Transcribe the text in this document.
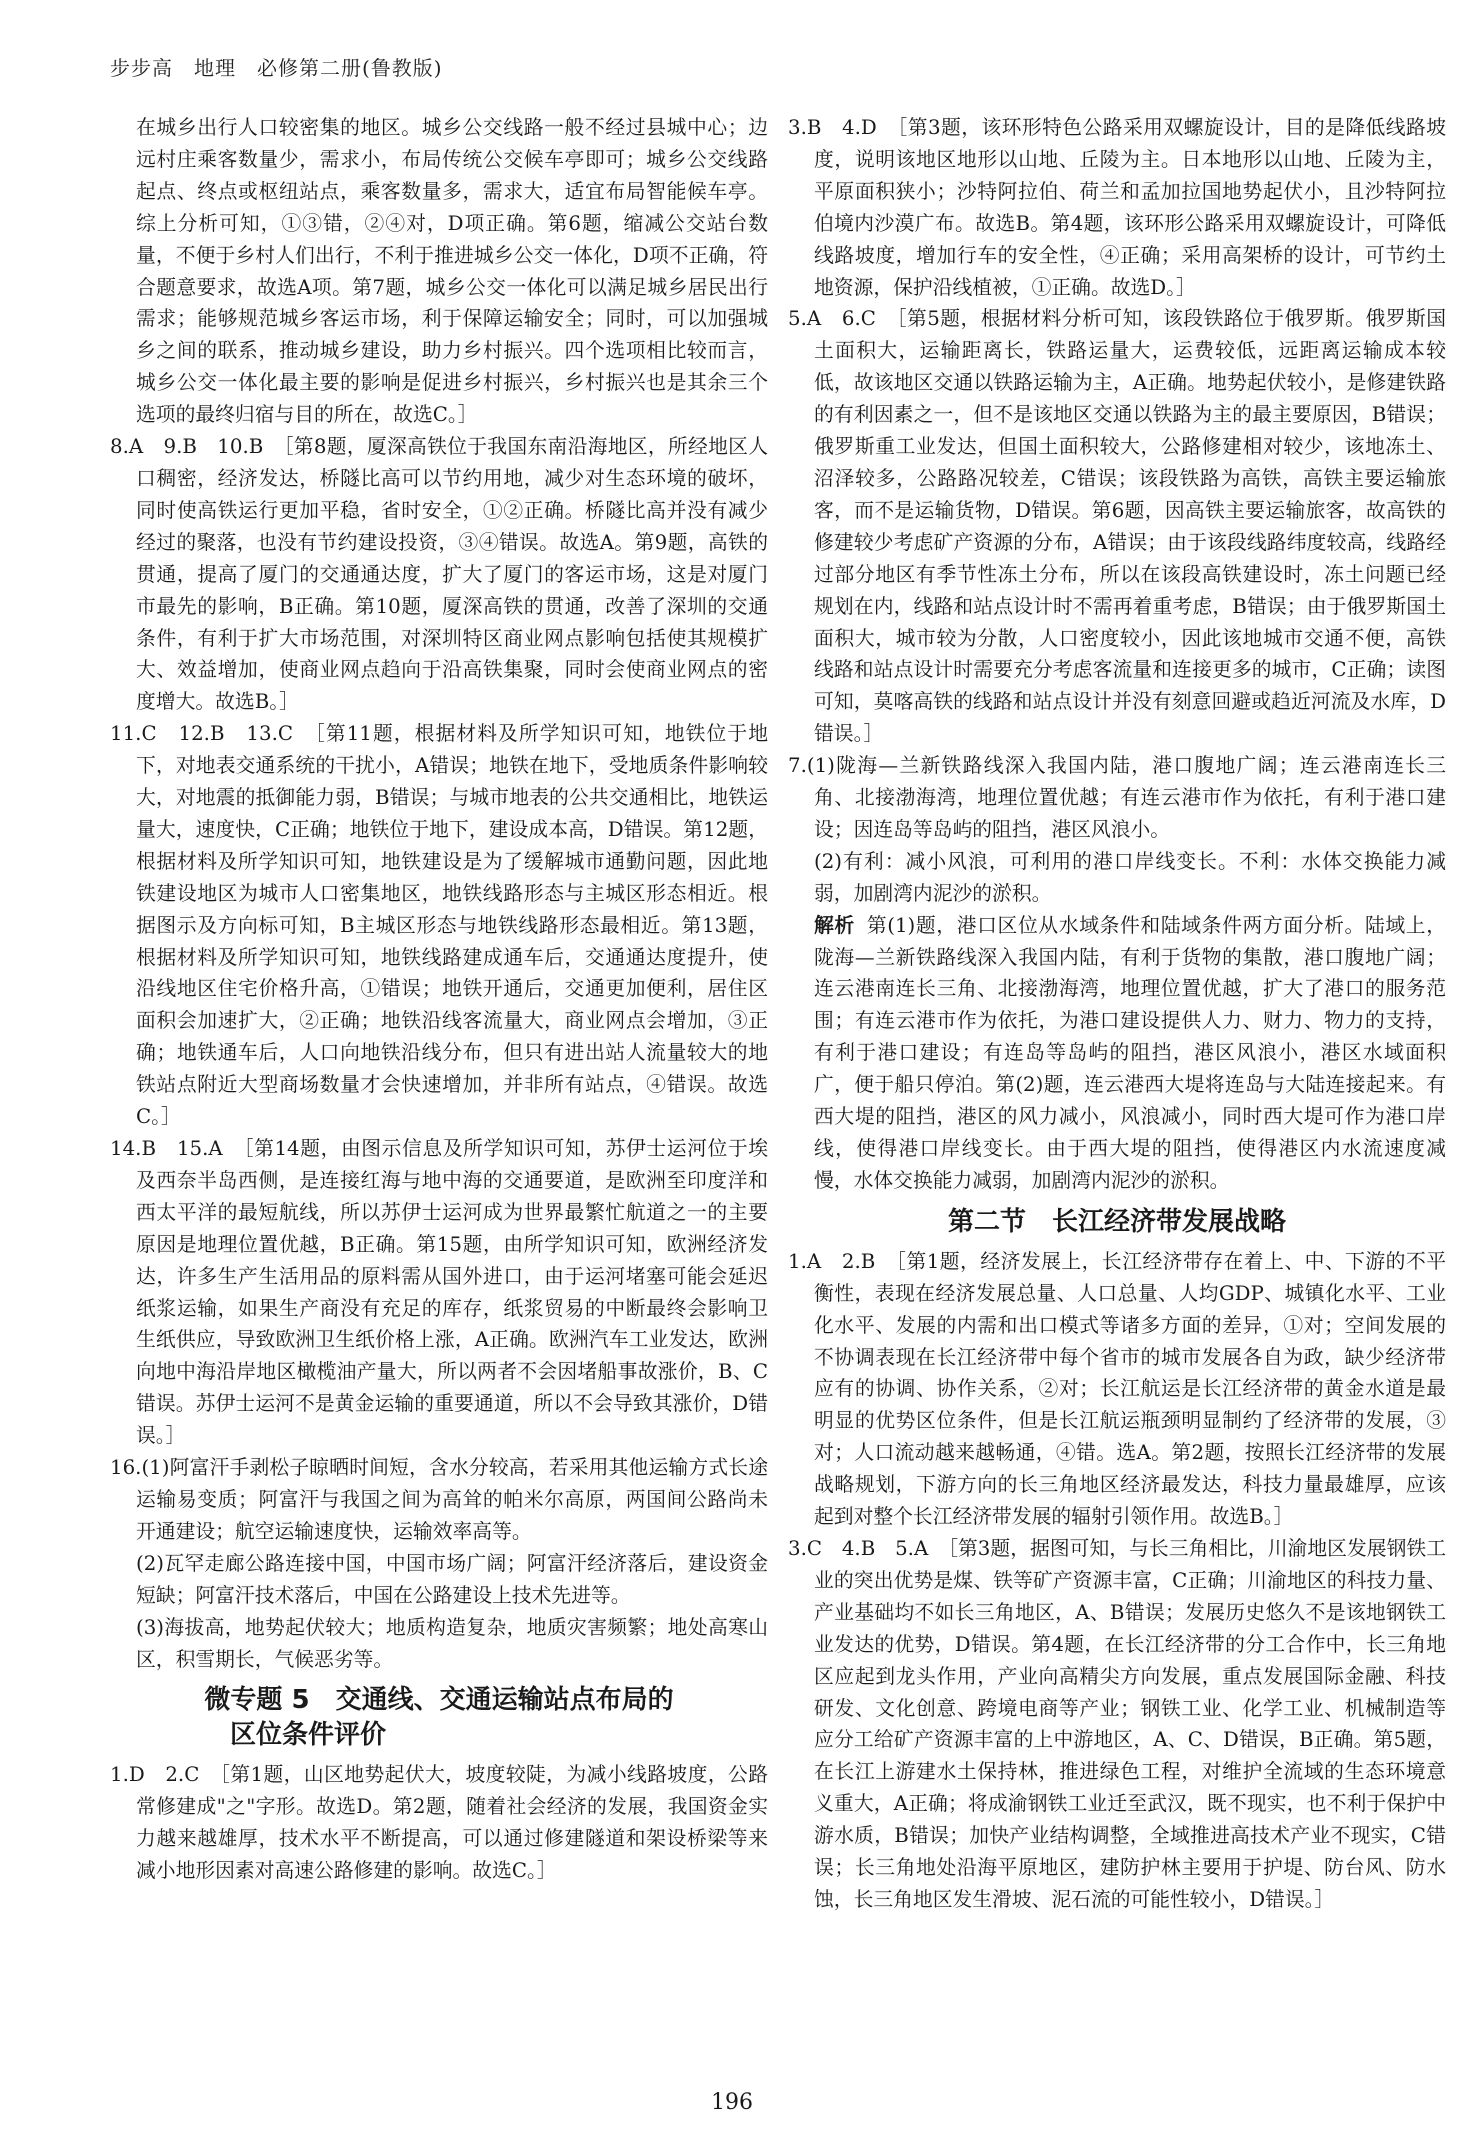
步步高　地理　必修第二册(鲁教版)

在城乡出行人口较密集的地区。城乡公交线路一般不经过县城中心；边远村庄乘客数量少，需求小，布局传统公交候车亭即可；城乡公交线路起点、终点或枢纽站点，乘客数量多，需求大，适宜布局智能候车亭。综上分析可知，①③错，②④对，D项正确。第6题，缩减公交站台数量，不便于乡村人们出行，不利于推进城乡公交一体化，D项不正确，符合题意要求，故选A项。第7题，城乡公交一体化可以满足城乡居民出行需求；能够规范城乡客运市场，利于保障运输安全；同时，可以加强城乡之间的联系，推动城乡建设，助力乡村振兴。四个选项相比较而言，城乡公交一体化最主要的影响是促进乡村振兴，乡村振兴也是其余三个选项的最终归宿与目的所在，故选C。］

8.A　9.B　10.B　［第8题，厦深高铁位于我国东南沿海地区，所经地区人口稠密，经济发达，桥隧比高可以节约用地，减少对生态环境的破坏，同时使高铁运行更加平稳，省时安全，①②正确。桥隧比高并没有减少经过的聚落，也没有节约建设投资，③④错误。故选A。第9题，高铁的贯通，提高了厦门的交通通达度，扩大了厦门的客运市场，这是对厦门市最先的影响，B正确。第10题，厦深高铁的贯通，改善了深圳的交通条件，有利于扩大市场范围，对深圳特区商业网点影响包括使其规模扩大、效益增加，使商业网点趋向于沿高铁集聚，同时会使商业网点的密度增大。故选B。］

11.C　12.B　13.C　［第11题，根据材料及所学知识可知，地铁位于地下，对地表交通系统的干扰小，A错误；地铁在地下，受地质条件影响较大，对地震的抵御能力弱，B错误；与城市地表的公共交通相比，地铁运量大，速度快，C正确；地铁位于地下，建设成本高，D错误。第12题，根据材料及所学知识可知，地铁建设是为了缓解城市通勤问题，因此地铁建设地区为城市人口密集地区，地铁线路形态与主城区形态相近。根据图示及方向标可知，B主城区形态与地铁线路形态最相近。第13题，根据材料及所学知识可知，地铁线路建成通车后，交通通达度提升，使沿线地区住宅价格升高，①错误；地铁开通后，交通更加便利，居住区面积会加速扩大，②正确；地铁沿线客流量大，商业网点会增加，③正确；地铁通车后，人口向地铁沿线分布，但只有进出站人流量较大的地铁站点附近大型商场数量才会快速增加，并非所有站点，④错误。故选C。］

14.B　15.A　［第14题，由图示信息及所学知识可知，苏伊士运河位于埃及西奈半岛西侧，是连接红海与地中海的交通要道，是欧洲至印度洋和西太平洋的最短航线，所以苏伊士运河成为世界最繁忙航道之一的主要原因是地理位置优越，B正确。第15题，由所学知识可知，欧洲经济发达，许多生产生活用品的原料需从国外进口，由于运河堵塞可能会延迟纸浆运输，如果生产商没有充足的库存，纸浆贸易的中断最终会影响卫生纸供应，导致欧洲卫生纸价格上涨，A正确。欧洲汽车工业发达，欧洲向地中海沿岸地区橄榄油产量大，所以两者不会因堵船事故涨价，B、C错误。苏伊士运河不是黄金运输的重要通道，所以不会导致其涨价，D错误。］

16.(1)阿富汗手剥松子晾晒时间短，含水分较高，若采用其他运输方式长途运输易变质；阿富汗与我国之间为高耸的帕米尔高原，两国间公路尚未开通建设；航空运输速度快，运输效率高等。

(2)瓦罕走廊公路连接中国，中国市场广阔；阿富汗经济落后，建设资金短缺；阿富汗技术落后，中国在公路建设上技术先进等。

(3)海拔高，地势起伏较大；地质构造复杂，地质灾害频繁；地处高寒山区，积雪期长，气候恶劣等。

微专题 5　交通线、交通运输站点布局的
区位条件评价

1.D　2.C　［第1题，山区地势起伏大，坡度较陡，为减小线路坡度，公路常修建成"之"字形。故选D。第2题，随着社会经济的发展，我国资金实力越来越雄厚，技术水平不断提高，可以通过修建隧道和架设桥梁等来减小地形因素对高速公路修建的影响。故选C。］

3.B　4.D　［第3题，该环形特色公路采用双螺旋设计，目的是降低线路坡度，说明该地区地形以山地、丘陵为主。日本地形以山地、丘陵为主，平原面积狭小；沙特阿拉伯、荷兰和孟加拉国地势起伏小，且沙特阿拉伯境内沙漠广布。故选B。第4题，该环形公路采用双螺旋设计，可降低线路坡度，增加行车的安全性，④正确；采用高架桥的设计，可节约土地资源，保护沿线植被，①正确。故选D。］

5.A　6.C　［第5题，根据材料分析可知，该段铁路位于俄罗斯。俄罗斯国土面积大，运输距离长，铁路运量大，运费较低，远距离运输成本较低，故该地区交通以铁路运输为主，A正确。地势起伏较小，是修建铁路的有利因素之一，但不是该地区交通以铁路为主的最主要原因，B错误；俄罗斯重工业发达，但国土面积较大，公路修建相对较少，该地冻土、沼泽较多，公路路况较差，C错误；该段铁路为高铁，高铁主要运输旅客，而不是运输货物，D错误。第6题，因高铁主要运输旅客，故高铁的修建较少考虑矿产资源的分布，A错误；由于该段线路纬度较高，线路经过部分地区有季节性冻土分布，所以在该段高铁建设时，冻土问题已经规划在内，线路和站点设计时不需再着重考虑，B错误；由于俄罗斯国土面积大，城市较为分散，人口密度较小，因此该地城市交通不便，高铁线路和站点设计时需要充分考虑客流量和连接更多的城市，C正确；读图可知，莫喀高铁的线路和站点设计并没有刻意回避或趋近河流及水库，D错误。］

7.(1)陇海—兰新铁路线深入我国内陆，港口腹地广阔；连云港南连长三角、北接渤海湾，地理位置优越；有连云港市作为依托，有利于港口建设；因连岛等岛屿的阻挡，港区风浪小。

(2)有利：减小风浪，可利用的港口岸线变长。不利：水体交换能力减弱，加剧湾内泥沙的淤积。

解析 第(1)题，港口区位从水域条件和陆域条件两方面分析。陆域上，陇海—兰新铁路线深入我国内陆，有利于货物的集散，港口腹地广阔；连云港南连长三角、北接渤海湾，地理位置优越，扩大了港口的服务范围；有连云港市作为依托，为港口建设提供人力、财力、物力的支持，有利于港口建设；有连岛等岛屿的阻挡，港区风浪小，港区水域面积广，便于船只停泊。第(2)题，连云港西大堤将连岛与大陆连接起来。有西大堤的阻挡，港区的风力减小，风浪减小，同时西大堤可作为港口岸线，使得港口岸线变长。由于西大堤的阻挡，使得港区内水流速度减慢，水体交换能力减弱，加剧湾内泥沙的淤积。

第二节　长江经济带发展战略

1.A　2.B　［第1题，经济发展上，长江经济带存在着上、中、下游的不平衡性，表现在经济发展总量、人口总量、人均GDP、城镇化水平、工业化水平、发展的内需和出口模式等诸多方面的差异，①对；空间发展的不协调表现在长江经济带中每个省市的城市发展各自为政，缺少经济带应有的协调、协作关系，②对；长江航运是长江经济带的黄金水道是最明显的优势区位条件，但是长江航运瓶颈明显制约了经济带的发展，③对；人口流动越来越畅通，④错。选A。第2题，按照长江经济带的发展战略规划，下游方向的长三角地区经济最发达，科技力量最雄厚，应该起到对整个长江经济带发展的辐射引领作用。故选B。］

3.C　4.B　5.A　［第3题，据图可知，与长三角相比，川渝地区发展钢铁工业的突出优势是煤、铁等矿产资源丰富，C正确；川渝地区的科技力量、产业基础均不如长三角地区，A、B错误；发展历史悠久不是该地钢铁工业发达的优势，D错误。第4题，在长江经济带的分工合作中，长三角地区应起到龙头作用，产业向高精尖方向发展，重点发展国际金融、科技研发、文化创意、跨境电商等产业；钢铁工业、化学工业、机械制造等应分工给矿产资源丰富的上中游地区，A、C、D错误，B正确。第5题，在长江上游建水土保持林，推进绿色工程，对维护全流域的生态环境意义重大，A正确；将成渝钢铁工业迁至武汉，既不现实，也不利于保护中游水质，B错误；加快产业结构调整，全域推进高技术产业不现实，C错误；长三角地处沿海平原地区，建防护林主要用于护堤、防台风、防水蚀，长三角地区发生滑坡、泥石流的可能性较小，D错误。］

196
